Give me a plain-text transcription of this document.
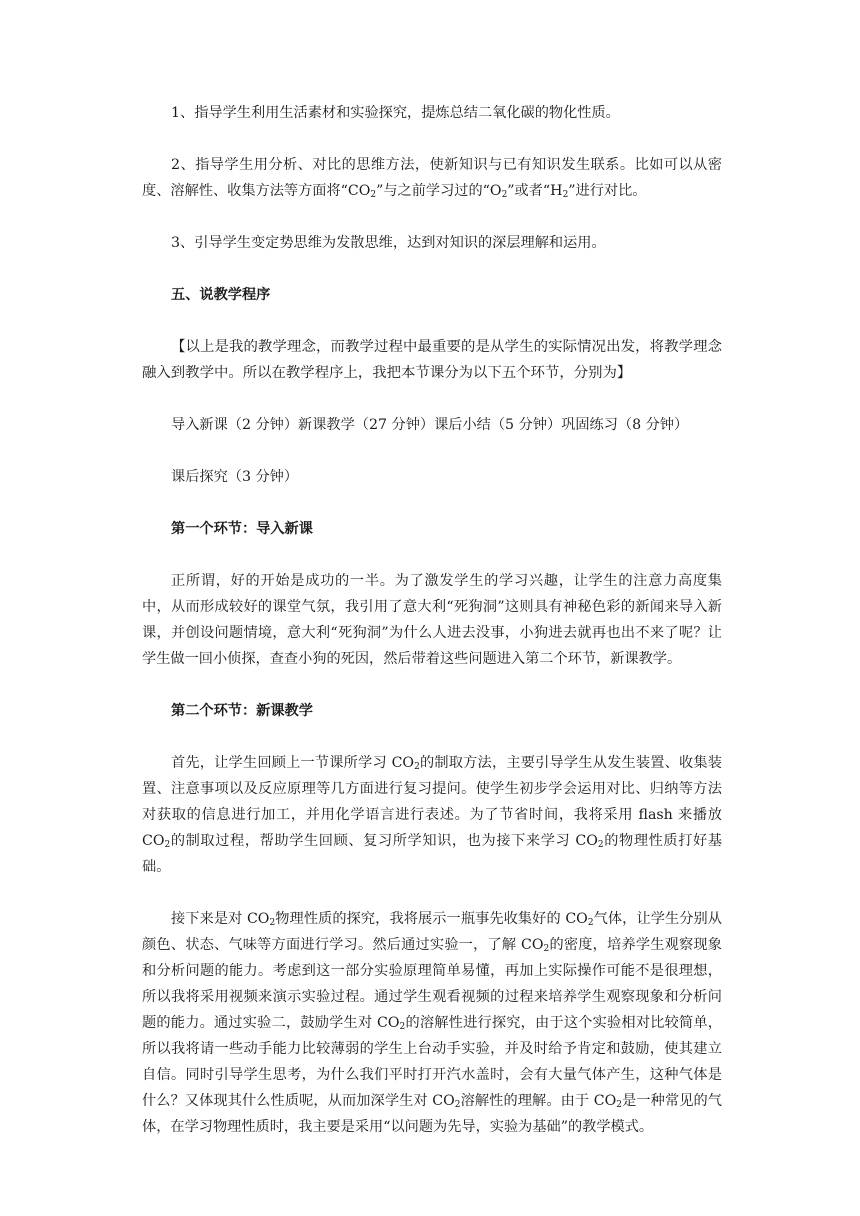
1、指导学生利用生活素材和实验探究，提炼总结二氧化碳的物化性质。

2、指导学生用分析、对比的思维方法，使新知识与已有知识发生联系。比如可以从密度、溶解性、收集方法等方面将“$CO_2$”与之前学习过的“$O_2$”或者“$H_2$”进行对比。

3、引导学生变定势思维为发散思维，达到对知识的深层理解和运用。

五、说教学程序

【以上是我的教学理念，而教学过程中最重要的是从学生的实际情况出发，将教学理念融入到教学中。所以在教学程序上，我把本节课分为以下五个环节，分别为】

导入新课（2 分钟）新课教学（27 分钟）课后小结（5 分钟）巩固练习（8 分钟）

课后探究（3 分钟）

第一个环节：导入新课

正所谓，好的开始是成功的一半。为了激发学生的学习兴趣，让学生的注意力高度集中，从而形成较好的课堂气氛，我引用了意大利“死狗洞”这则具有神秘色彩的新闻来导入新课，并创设问题情境，意大利“死狗洞”为什么人进去没事，小狗进去就再也出不来了呢？让学生做一回小侦探，查查小狗的死因，然后带着这些问题进入第二个环节，新课教学。

第二个环节：新课教学

首先，让学生回顾上一节课所学习 $CO_2$的制取方法，主要引导学生从发生装置、收集装置、注意事项以及反应原理等几方面进行复习提问。使学生初步学会运用对比、归纳等方法对获取的信息进行加工，并用化学语言进行表述。为了节省时间，我将采用 flash 来播放 $CO_2$的制取过程，帮助学生回顾、复习所学知识，也为接下来学习 $CO_2$的物理性质打好基础。

接下来是对 $CO_2$物理性质的探究，我将展示一瓶事先收集好的 $CO_2$气体，让学生分别从颜色、状态、气味等方面进行学习。然后通过实验一，了解 $CO_2$的密度，培养学生观察现象和分析问题的能力。考虑到这一部分实验原理简单易懂，再加上实际操作可能不是很理想，所以我将采用视频来演示实验过程。通过学生观看视频的过程来培养学生观察现象和分析问题的能力。通过实验二，鼓励学生对 $CO_2$的溶解性进行探究，由于这个实验相对比较简单，所以我将请一些动手能力比较薄弱的学生上台动手实验，并及时给予肯定和鼓励，使其建立自信。同时引导学生思考，为什么我们平时打开汽水盖时，会有大量气体产生，这种气体是什么？又体现其什么性质呢，从而加深学生对 $CO_2$溶解性的理解。由于 $CO_2$是一种常见的气体，在学习物理性质时，我主要是采用“以问题为先导，实验为基础”的教学模式。
